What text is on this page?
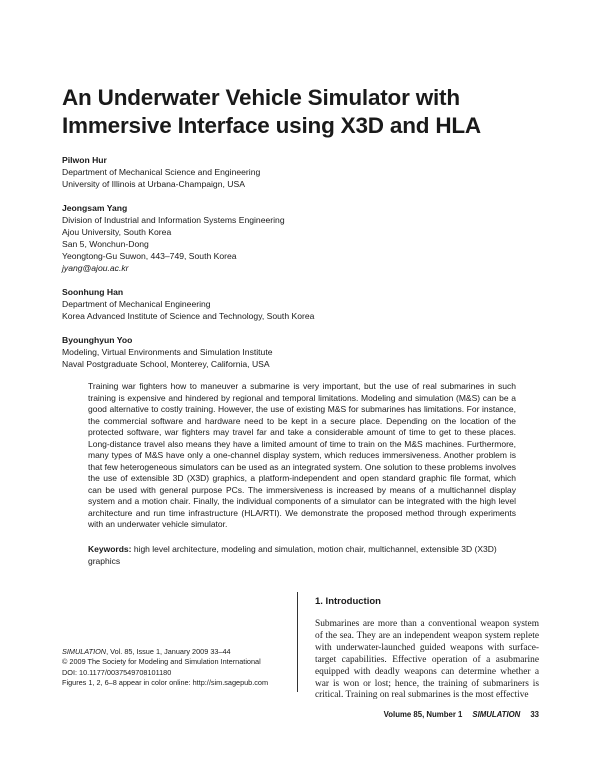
An Underwater Vehicle Simulator with
Immersive Interface using X3D and HLA
Pilwon Hur
Department of Mechanical Science and Engineering
University of Illinois at Urbana-Champaign, USA
Jeongsam Yang
Division of Industrial and Information Systems Engineering
Ajou University, South Korea
San 5, Wonchun-Dong
Yeongtong-Gu Suwon, 443–749, South Korea
jyang@ajou.ac.kr
Soonhung Han
Department of Mechanical Engineering
Korea Advanced Institute of Science and Technology, South Korea
Byounghyun Yoo
Modeling, Virtual Environments and Simulation Institute
Naval Postgraduate School, Monterey, California, USA

Training war fighters how to maneuver a submarine is very important, but the use of real submarines in such training is expensive and hindered by regional and temporal limitations. Modeling and simulation (M&S) can be a good alternative to costly training. However, the use of existing M&S for submarines has limitations. For instance, the commercial software and hardware need to be kept in a secure place. Depending on the location of the protected software, war fighters may travel far and take a considerable amount of time to get to these places. Long-distance travel also means they have a limited amount of time to train on the M&S machines. Furthermore, many types of M&S have only a one-channel display system, which reduces immersiveness. Another problem is that few heterogeneous simulators can be used as an integrated system. One solution to these problems involves the use of extensible 3D (X3D) graphics, a platform-independent and open standard graphic file format, which can be used with general purpose PCs. The immersiveness is increased by means of a multichannel display system and a motion chair. Finally, the individual components of a simulator can be integrated with the high level architecture and run time infrastructure (HLA/RTI). We demonstrate the proposed method through experiments with an underwater vehicle simulator.

Keywords: high level architecture, modeling and simulation, motion chair, multichannel, extensible 3D (X3D) graphics

1. Introduction

Submarines are more than a conventional weapon system of the sea. They are an independent weapon system replete with underwater-launched guided weapons with surface-target capabilities. Effective operation of a asubmarine equipped with deadly weapons can determine whether a war is won or lost; hence, the training of submariners is critical. Training on real submarines is the most effective

SIMULATION, Vol. 85, Issue 1, January 2009 33–44
© 2009 The Society for Modeling and Simulation International
DOI: 10.1177/0037549708101180
Figures 1, 2, 6–8 appear in color online: http://sim.sagepub.com
Volume 85, Number 1 SIMULATION 33
